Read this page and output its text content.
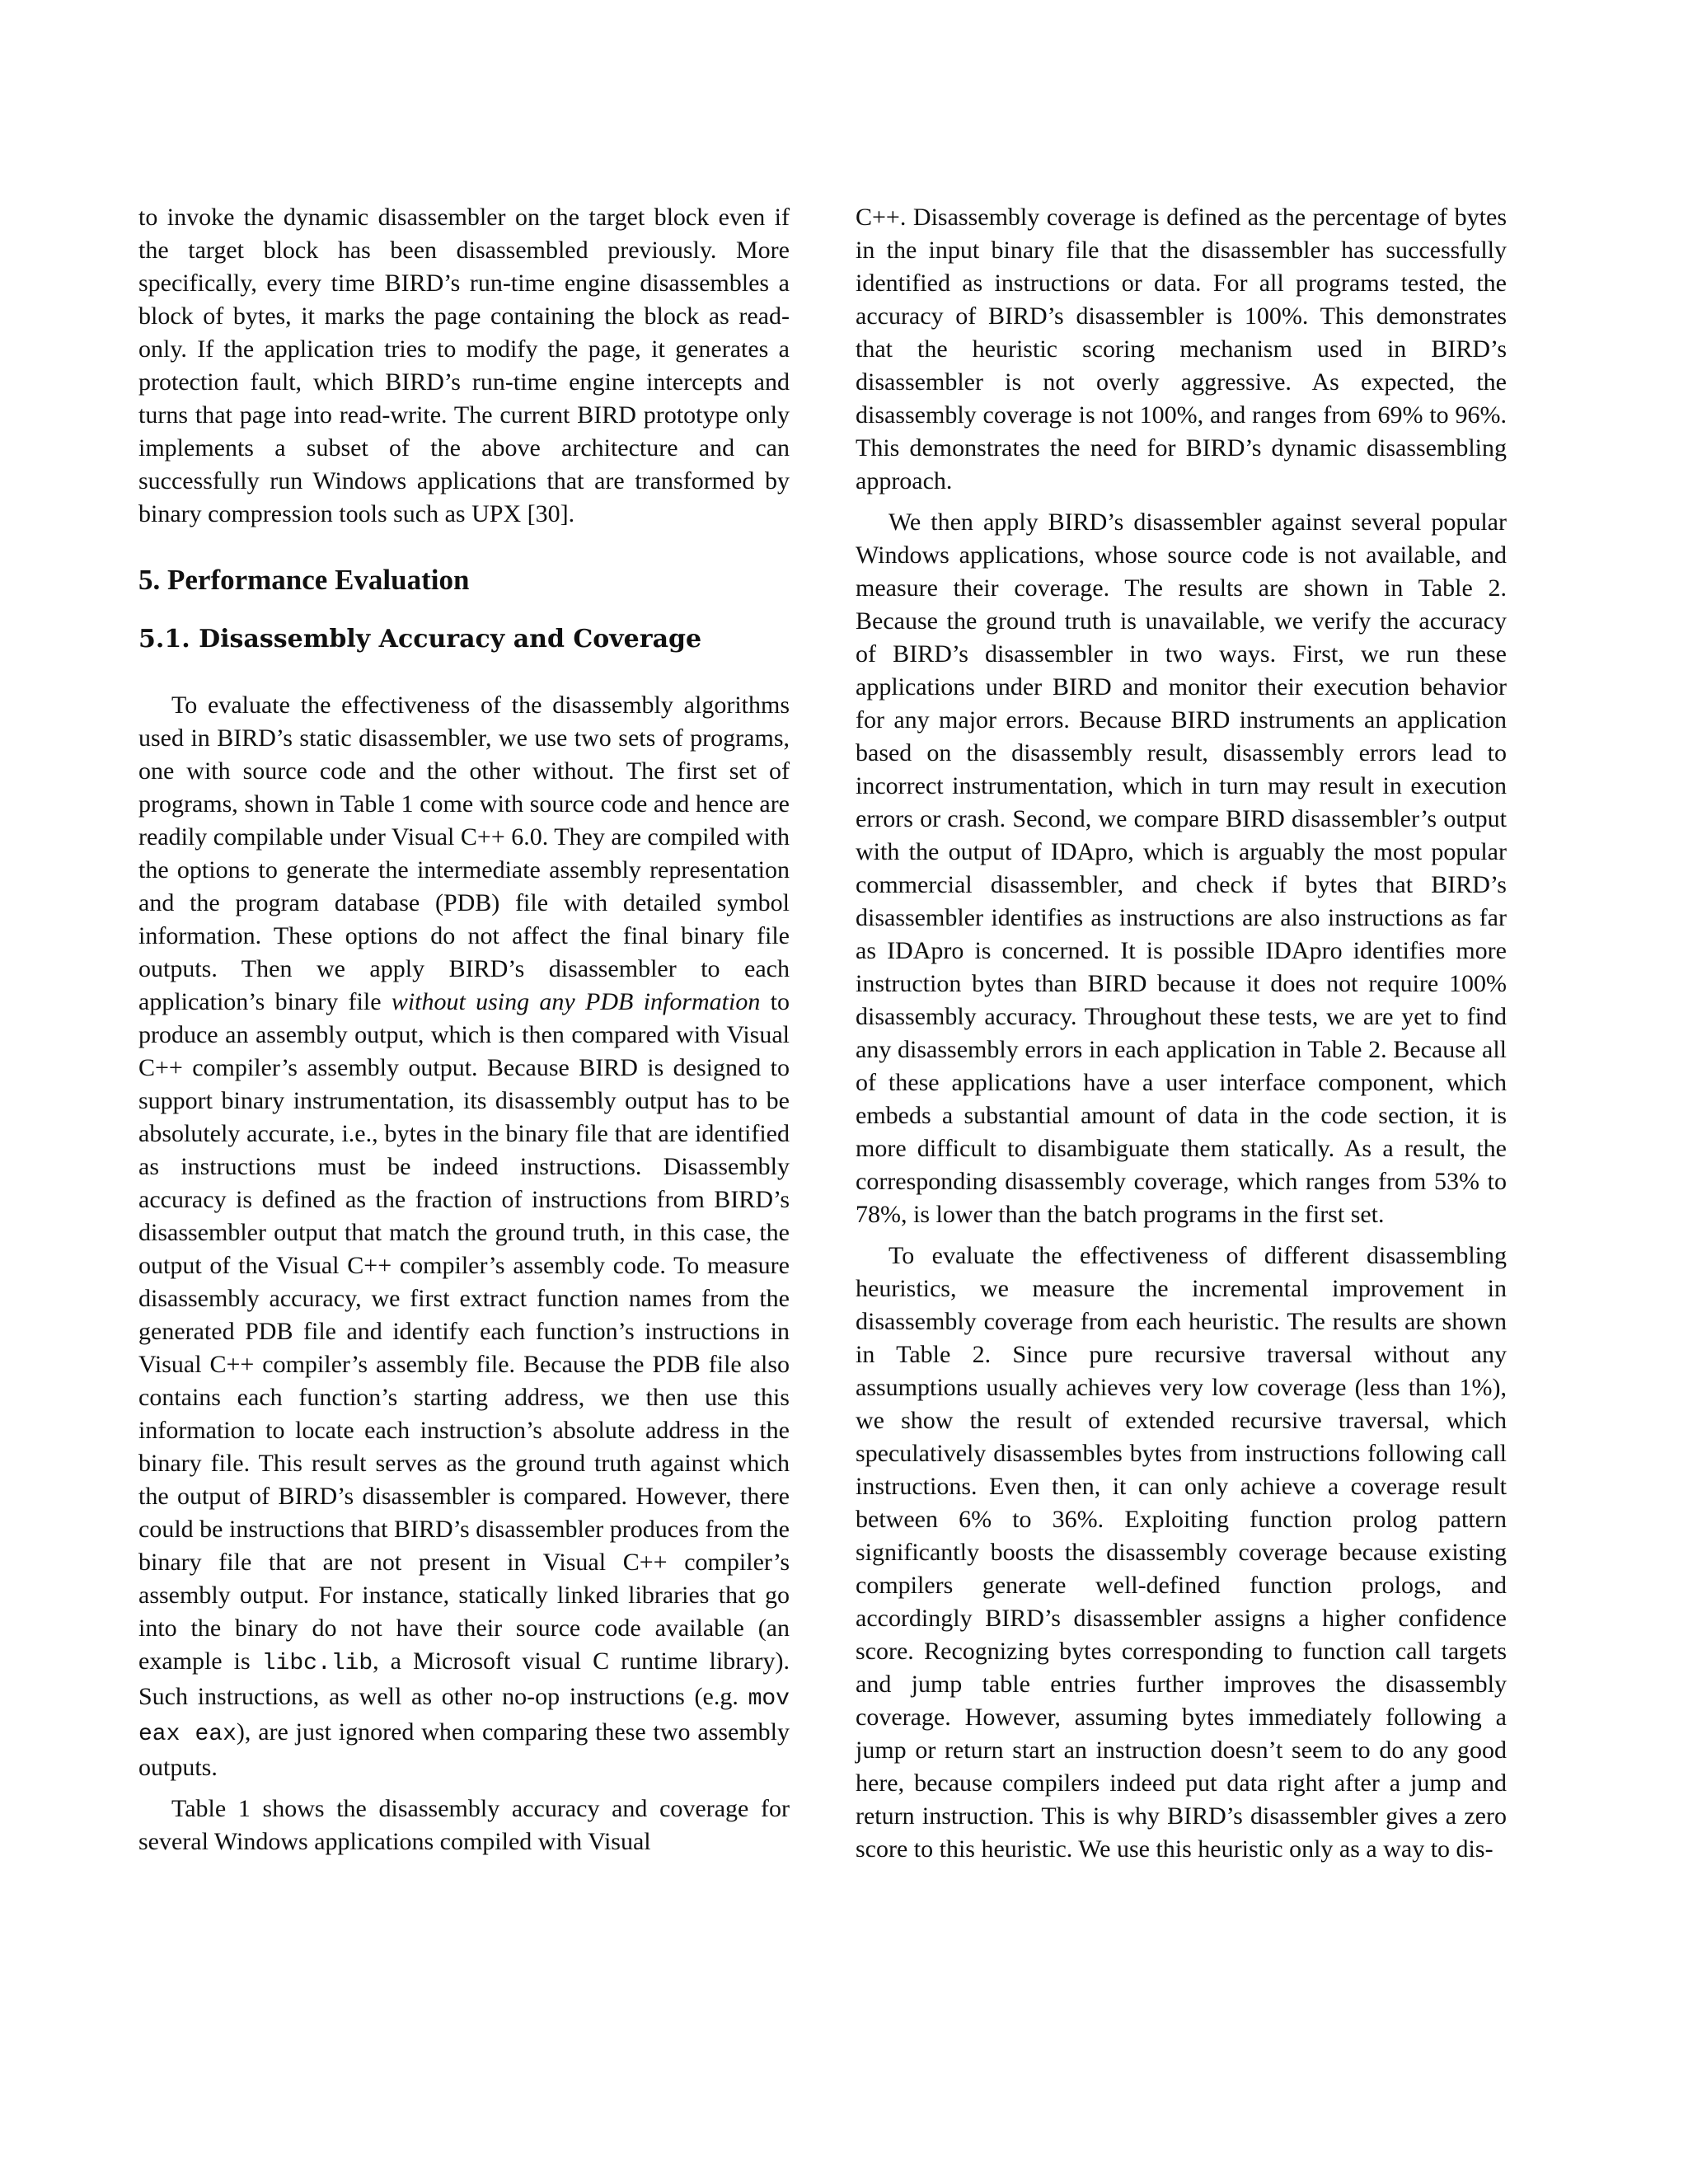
to invoke the dynamic disassembler on the target block even if the target block has been disassembled previously. More specifically, every time BIRD’s run-time engine disassembles a block of bytes, it marks the page containing the block as read-only. If the application tries to modify the page, it generates a protection fault, which BIRD’s run-time engine intercepts and turns that page into read-write. The current BIRD prototype only implements a subset of the above architecture and can successfully run Windows applications that are transformed by binary compression tools such as UPX [30].

5. Performance Evaluation
5.1. Disassembly Accuracy and Coverage

To evaluate the effectiveness of the disassembly algorithms used in BIRD’s static disassembler, we use two sets of programs, one with source code and the other without. The first set of programs, shown in Table 1 come with source code and hence are readily compilable under Visual C++ 6.0. They are compiled with the options to generate the intermediate assembly representation and the program database (PDB) file with detailed symbol information. These options do not affect the final binary file outputs. Then we apply BIRD’s disassembler to each application’s binary file without using any PDB information to produce an assembly output, which is then compared with Visual C++ compiler’s assembly output. Because BIRD is designed to support binary instrumentation, its disassembly output has to be absolutely accurate, i.e., bytes in the binary file that are identified as instructions must be indeed instructions. Disassembly accuracy is defined as the fraction of instructions from BIRD’s disassembler output that match the ground truth, in this case, the output of the Visual C++ compiler’s assembly code. To measure disassembly accuracy, we first extract function names from the generated PDB file and identify each function’s instructions in Visual C++ compiler’s assembly file. Because the PDB file also contains each function’s starting address, we then use this information to locate each instruction’s absolute address in the binary file. This result serves as the ground truth against which the output of BIRD’s disassembler is compared. However, there could be instructions that BIRD’s disassembler produces from the binary file that are not present in Visual C++ compiler’s assembly output. For instance, statically linked libraries that go into the binary do not have their source code available (an example is libc.lib, a Microsoft visual C runtime library). Such instructions, as well as other no-op instructions (e.g. mov eax eax), are just ignored when comparing these two assembly outputs.

Table 1 shows the disassembly accuracy and coverage for several Windows applications compiled with Visual

C++. Disassembly coverage is defined as the percentage of bytes in the input binary file that the disassembler has successfully identified as instructions or data. For all programs tested, the accuracy of BIRD’s disassembler is 100%. This demonstrates that the heuristic scoring mechanism used in BIRD’s disassembler is not overly aggressive. As expected, the disassembly coverage is not 100%, and ranges from 69% to 96%. This demonstrates the need for BIRD’s dynamic disassembling approach.

We then apply BIRD’s disassembler against several popular Windows applications, whose source code is not available, and measure their coverage. The results are shown in Table 2. Because the ground truth is unavailable, we verify the accuracy of BIRD’s disassembler in two ways. First, we run these applications under BIRD and monitor their execution behavior for any major errors. Because BIRD instruments an application based on the disassembly result, disassembly errors lead to incorrect instrumentation, which in turn may result in execution errors or crash. Second, we compare BIRD disassembler’s output with the output of IDApro, which is arguably the most popular commercial disassembler, and check if bytes that BIRD’s disassembler identifies as instructions are also instructions as far as IDApro is concerned. It is possible IDApro identifies more instruction bytes than BIRD because it does not require 100% disassembly accuracy. Throughout these tests, we are yet to find any disassembly errors in each application in Table 2. Because all of these applications have a user interface component, which embeds a substantial amount of data in the code section, it is more difficult to disambiguate them statically. As a result, the corresponding disassembly coverage, which ranges from 53% to 78%, is lower than the batch programs in the first set.

To evaluate the effectiveness of different disassembling heuristics, we measure the incremental improvement in disassembly coverage from each heuristic. The results are shown in Table 2. Since pure recursive traversal without any assumptions usually achieves very low coverage (less than 1%), we show the result of extended recursive traversal, which speculatively disassembles bytes from instructions following call instructions. Even then, it can only achieve a coverage result between 6% to 36%. Exploiting function prolog pattern significantly boosts the disassembly coverage because existing compilers generate well-defined function prologs, and accordingly BIRD’s disassembler assigns a higher confidence score. Recognizing bytes corresponding to function call targets and jump table entries further improves the disassembly coverage. However, assuming bytes immediately following a jump or return start an instruction doesn’t seem to do any good here, because compilers indeed put data right after a jump and return instruction. This is why BIRD’s disassembler gives a zero score to this heuristic. We use this heuristic only as a way to dis-
